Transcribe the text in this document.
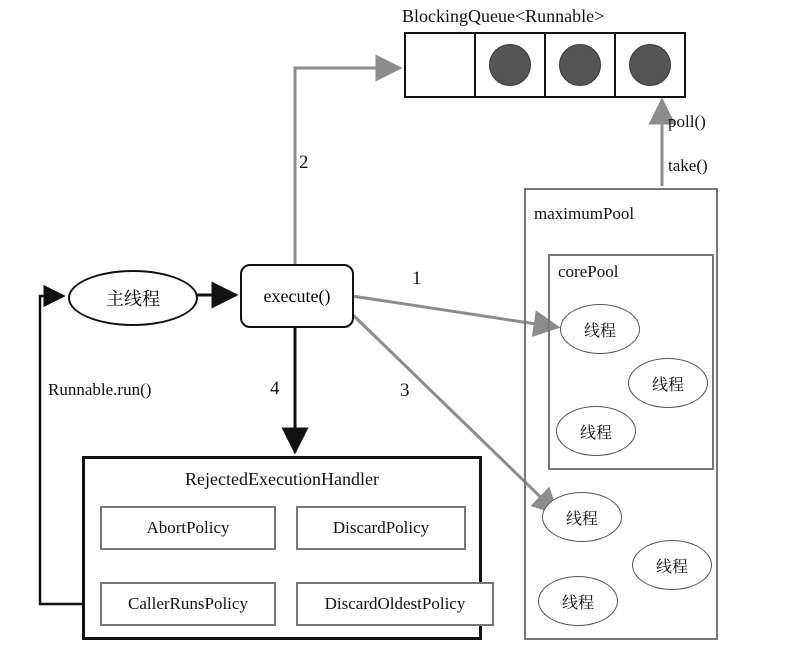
BlockingQueue<Runnable>
maximumPool
corePool
线程
线程
线程
线程
线程
线程
主线程	execute()
RejectedExecutionHandler
AbortPolicy	DiscardPolicy
CallerRunsPolicy	DiscardOldestPolicy
2
1
3
4
poll()
take()
Runnable.run()
